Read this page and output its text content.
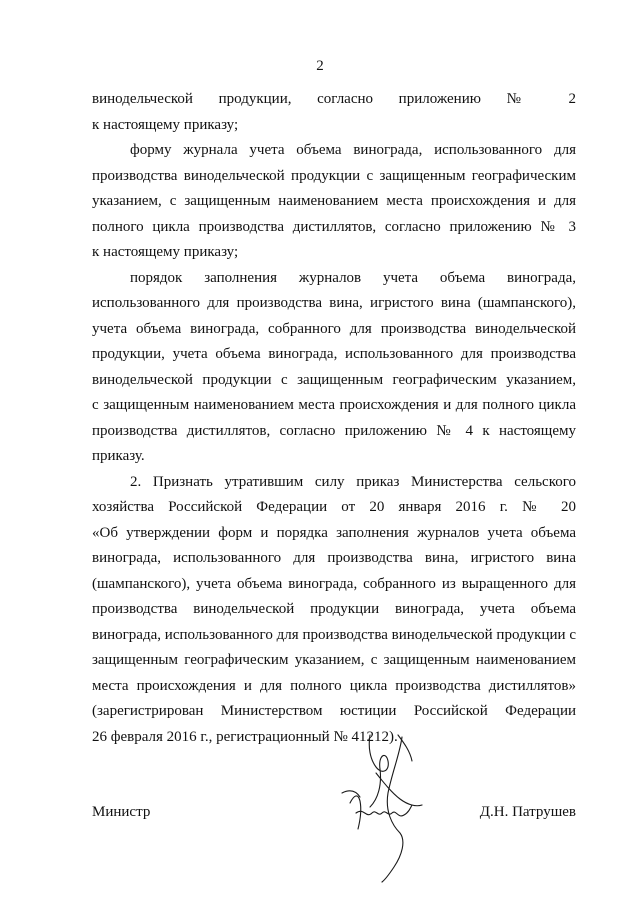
2
винодельческой продукции, согласно приложению № 2
к настоящему приказу;
форму журнала учета объема винограда, использованного для
производства винодельческой продукции с защищенным географическим
указанием, с защищенным наименованием места происхождения и для
полного цикла производства дистиллятов, согласно приложению № 3
к настоящему приказу;
порядок заполнения журналов учета объема винограда,
использованного для производства вина, игристого вина (шампанского),
учета объема винограда, собранного для производства винодельческой
продукции, учета объема винограда, использованного для производства
винодельческой продукции с защищенным географическим указанием,
с защищенным наименованием места происхождения и для полного цикла
производства дистиллятов, согласно приложению № 4 к настоящему
приказу.
2. Признать утратившим силу приказ Министерства сельского
хозяйства Российской Федерации от 20 января 2016 г. № 20
«Об утверждении форм и порядка заполнения журналов учета объема
винограда, использованного для производства вина, игристого вина
(шампанского), учета объема винограда, собранного из выращенного для
производства винодельческой продукции винограда, учета объема
винограда, использованного для производства винодельческой продукции с
защищенным географическим указанием, с защищенным наименованием
места происхождения и для полного цикла производства дистиллятов»
(зарегистрирован Министерством юстиции Российской Федерации
26 февраля 2016 г., регистрационный № 41212).
Министр	Д.Н. Патрушев
